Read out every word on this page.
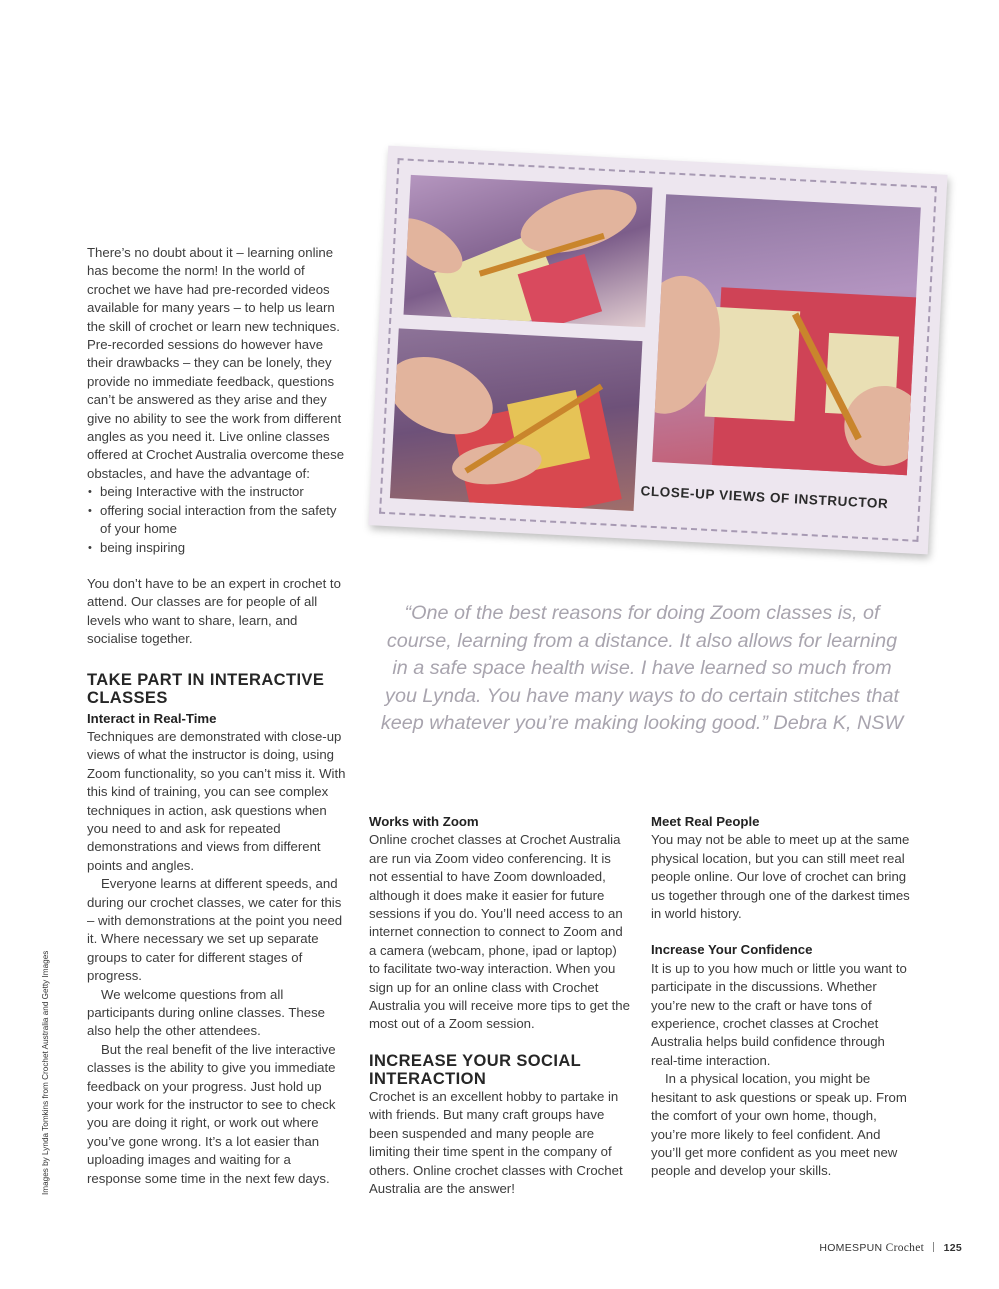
There’s no doubt about it – learning online has become the norm! In the world of crochet we have had pre-recorded videos available for many years – to help us learn the skill of crochet or learn new techniques. Pre-recorded sessions do however have their drawbacks – they can be lonely, they provide no immediate feedback, questions can’t be answered as they arise and they give no ability to see the work from different angles as you need it. Live online classes offered at Crochet Australia overcome these obstacles, and have the advantage of:

• being Interactive with the instructor
• offering social interaction from the safety of your home
• being inspiring

You don’t have to be an expert in crochet to attend. Our classes are for people of all levels who want to share, learn, and socialise together.

TAKE PART IN INTERACTIVE CLASSES
Interact in Real-Time

Techniques are demonstrated with close-up views of what the instructor is doing, using Zoom functionality, so you can’t miss it. With this kind of training, you can see complex techniques in action, ask questions when you need to and ask for repeated demonstrations and views from different points and angles.

Everyone learns at different speeds, and during our crochet classes, we cater for this – with demonstrations at the point you need it. Where necessary we set up separate groups to cater for different stages of progress.

We welcome questions from all participants during online classes. These also help the other attendees.

But the real benefit of the live interactive classes is the ability to give you immediate feedback on your progress. Just hold up your work for the instructor to see to check you are doing it right, or work out where you’ve gone wrong. It’s a lot easier than uploading images and waiting for a response some time in the next few days.

CLOSE-UP VIEWS OF INSTRUCTOR
“One of the best reasons for doing Zoom classes is, of course, learning from a distance. It also allows for learning in a safe space health wise. I have learned so much from you Lynda. You have many ways to do certain stitches that keep whatever you’re making looking good.” Debra K, NSW
Works with Zoom

Online crochet classes at Crochet Australia are run via Zoom video conferencing. It is not essential to have Zoom downloaded, although it does make it easier for future sessions if you do. You’ll need access to an internet connection to connect to Zoom and a camera (webcam, phone, ipad or laptop) to facilitate two-way interaction. When you sign up for an online class with Crochet Australia you will receive more tips to get the most out of a Zoom session.

INCREASE YOUR SOCIAL INTERACTION

Crochet is an excellent hobby to partake in with friends. But many craft groups have been suspended and many people are limiting their time spent in the company of others. Online crochet classes with Crochet Australia are the answer!

Meet Real People

You may not be able to meet up at the same physical location, but you can still meet real people online. Our love of crochet can bring us together through one of the darkest times in world history.

Increase Your Confidence

It is up to you how much or little you want to participate in the discussions. Whether you’re new to the craft or have tons of experience, crochet classes at Crochet Australia helps build confidence through real-time interaction.

In a physical location, you might be hesitant to ask questions or speak up. From the comfort of your own home, though, you’re more likely to feel confident. And you’ll get more confident as you meet new people and develop your skills.

Images by Lynda Tomkins from Crochet Australia and Getty Images
HOMESPUN Crochet 125
